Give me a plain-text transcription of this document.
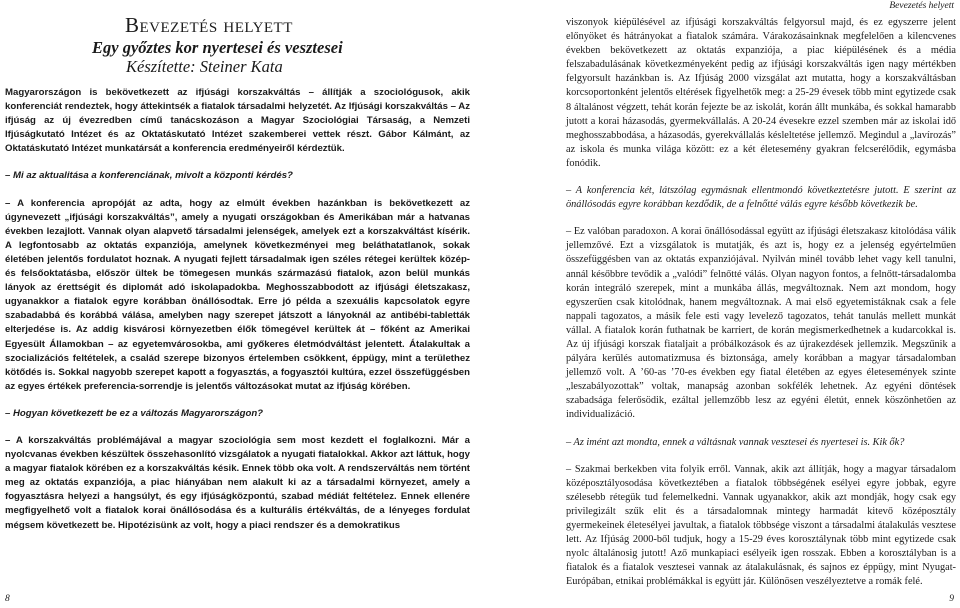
Bevezetés helyett
Egy győztes kor nyertesei és vesztesei
Készítette: Steiner Kata

Magyarországon is bekövetkezett az ifjúsági korszakváltás – állítják a szociológusok, akik konferenciát rendeztek, hogy áttekintsék a fiatalok társadalmi helyzetét. Az Ifjúsági korszakváltás – Az ifjúság az új évezredben című tanácskozáson a Magyar Szociológiai Társaság, a Nemzeti Ifjúságkutató Intézet és az Oktatáskutató Intézet szakemberei vettek részt. Gábor Kálmánt, az Oktatáskutató Intézet munkatársát a konferencia eredményeiről kérdeztük.

– Mi az aktualitása a konferenciának, mivolt a központi kérdés?

– A konferencia apropóját az adta, hogy az elmúlt években hazánkban is bekövetkezett az úgynevezett „ifjúsági korszakváltás”, amely a nyugati országokban és Amerikában már a hatvanas években lezajlott. Vannak olyan alapvető társadalmi jelenségek, amelyek ezt a korszakváltást kísérik. A legfontosabb az oktatás expanziója, amelynek következményei meg beláthatatlanok, sokak életében jelentős fordulatot hoznak. A nyugati fejlett társadalmak igen széles rétegei kerültek közép- és felsőoktatásba, először ültek be tömegesen munkás származású fiatalok, azon belül munkás lányok az érettségit és diplomát adó iskolapadokba. Meghosszabbodott az ifjúsági életszakasz, ugyanakkor a fiatalok egyre korábban önállósodtak. Erre jó példa a szexuális kapcsolatok egyre szabadabbá és korábbá válása, amelyben nagy szerepet játszott a lányoknál az antibébi-tabletták elterjedése is. Az addig kisvárosi környezetben élők tömegével kerültek át – főként az Amerikai Egyesült Államokban – az egyetemvárosokba, ami győkeres életmódváltást jelentett. Átalakultak a szocializációs feltételek, a család szerepe bizonyos értelemben csökkent, éppügy, mint a területhez kötődés is. Sokkal nagyobb szerepet kapott a fogyasztás, a fogyasztói kultúra, ezzel összefüggésben az egyes értékek preferencia-sorrendje is jelentős változásokat mutat az ifjúság körében.

– Hogyan következett be ez a változás Magyarországon?

– A korszakváltás problémájával a magyar szociológia sem most kezdett el foglalkozni. Már a nyolcvanas években készültek összehasonlító vizsgálatok a nyugati fiatalokkal. Akkor azt láttuk, hogy a magyar fiatalok körében ez a korszakváltás késik. Ennek több oka volt. A rendszerváltás nem történt meg az oktatás expanziója, a piac hiányában nem alakult ki az a társadalmi környezet, amely a fogyasztásra helyezi a hangsúlyt, és egy ifjúságközpontú, szabad médiát feltételez. Ennek ellenére megfigyelhető volt a fiatalok korai önállósodása és a kulturális értékváltás, de a lényeges fordulat mégsem következett be. Hipotézisünk az volt, hogy a piaci rendszer és a demokratikus

8
Bevezetés helyett

viszonyok kiépülésével az ifjúsági korszakváltás felgyorsul majd, és ez egyszerre jelent előnyöket és hátrányokat a fiatalok számára. Várakozásainknak megfelelően a kilencvenes években bekövetkezett az oktatás expanziója, a piac kiépülésének és a média felszabadulásának következményeként pedig az ifjúsági korszakváltás igen nagy mértékben felgyorsult hazánkban is. Az Ifjúság 2000 vizsgálat azt mutatta, hogy a korszakváltásban korcsoportonként jelentős eltérések figyelhetők meg: a 25-29 évesek több mint egytizede csak 8 általánost végzett, tehát korán fejezte be az iskolát, korán állt munkába, és sokkal hamarabb jutott a korai házasodás, gyermekvállalás. A 20-24 évesekre ezzel szemben már az iskolai idő meghosszabbodása, a házasodás, gyerekvállalás késleltetése jellemző. Megindul a „lavírozás” az iskola és munka világa között: ez a két életesemény gyakran felcserélődik, egymásba fonódik.

– A konferencia két, látszólag egymásnak ellentmondó következtetésre jutott. E szerint az önállósodás egyre korábban kezdődik, de a felnőtté válás egyre később következik be.

– Ez valóban paradoxon. A korai önállósodással együtt az ifjúsági életszakasz kitolódása válik jellemzővé. Ezt a vizsgálatok is mutatják, és azt is, hogy ez a jelenség egyértelműen összefüggésben van az oktatás expanziójával. Nyilván minél tovább lehet vagy kell tanulni, annál későbbre tevődik a „valódi” felnőtté válás. Olyan nagyon fontos, a felnőtt-társadalomba korán integráló szerepek, mint a munkába állás, megváltoznak. Nem azt mondom, hogy egyszerűen csak kitolódnak, hanem megváltoznak. A mai első egyetemistáknak csak a fele nappali tagozatos, a másik fele esti vagy levelező tagozatos, tehát tanulás mellett munkát vállal. A fiatalok korán futhatnak be karriert, de korán megismerkedhetnek a kudarcokkal is. Az új ifjúsági korszak fiataljait a próbálkozások és az újrakezdések jellemzik. Megszűnik a pályára kerülés automatizmusa és biztonsága, amely korábban a magyar társadalomban jellemző volt. A ’60-as ’70-es években egy fiatal életében az egyes életesemények szinte „leszabályozottak” voltak, manapság azonban sokfélék lehetnek. Az egyéni döntések szabadsága felerősödik, ezáltal jellemzőbb lesz az egyéni életút, ennek köszönhetően az individualizáció.

– Az imént azt mondta, ennek a váltásnak vannak vesztesei és nyertesei is. Kik ők?

– Szakmai berkekben vita folyik erről. Vannak, akik azt állítják, hogy a magyar társadalom középosztályosodása következtében a fiatalok többségének esélyei egyre jobbak, egyre szélesebb rétegük tud felemelkedni. Vannak ugyanakkor, akik azt mondják, hogy csak egy privilegizált szűk elit és a társadalomnak mintegy harmadát kitevő középosztály gyermekeinek életesélyei javultak, a fiatalok többsége viszont a társadalmi átalakulás vesztese lett. Az Ifjúság 2000-ből tudjuk, hogy a 15-29 éves korosztálynak több mint egytizede csak nyolc általánosig jutott! Aző munkapiaci esélyeik igen rosszak. Ebben a korosztályban is a fiatalok és a fiatalok vesztesei vannak az átalakulásnak, és sajnos ez éppügy, mint Nyugat-Európában, etnikai problémákkal is együtt jár. Különösen veszélyeztetve a romák felé.

9
